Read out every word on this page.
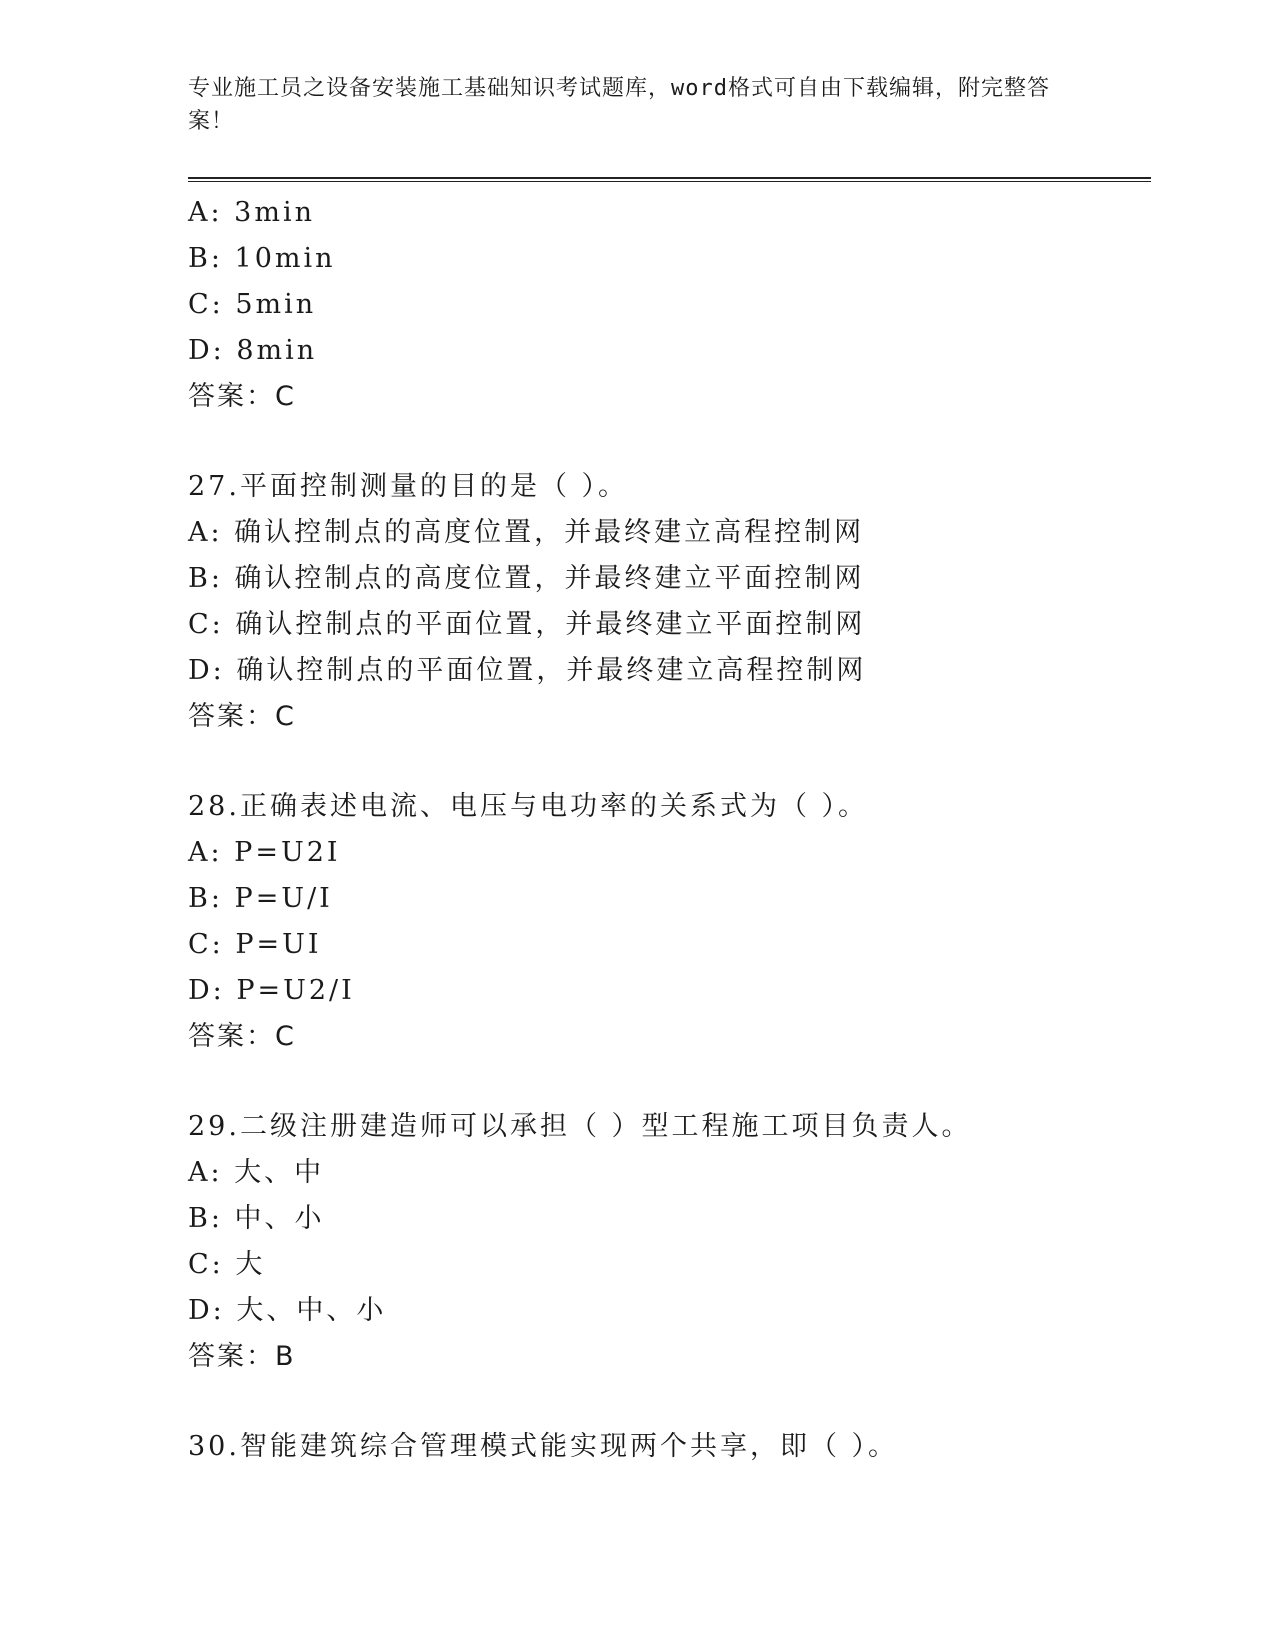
专业施工员之设备安装施工基础知识考试题库，word格式可自由下载编辑，附完整答案！
A: 3min
B: 10min
C: 5min
D: 8min
答案：C
27.平面控制测量的目的是（ ）。
A: 确认控制点的高度位置，并最终建立高程控制网
B: 确认控制点的高度位置，并最终建立平面控制网
C: 确认控制点的平面位置，并最终建立平面控制网
D: 确认控制点的平面位置，并最终建立高程控制网
答案：C
28.正确表述电流、电压与电功率的关系式为（ ）。
A: P=U2I
B: P=U/I
C: P=UI
D: P=U2/I
答案：C
29.二级注册建造师可以承担（ ）型工程施工项目负责人。
A: 大、中
B: 中、小
C: 大
D: 大、中、小
答案：B
30.智能建筑综合管理模式能实现两个共享，即（ ）。
